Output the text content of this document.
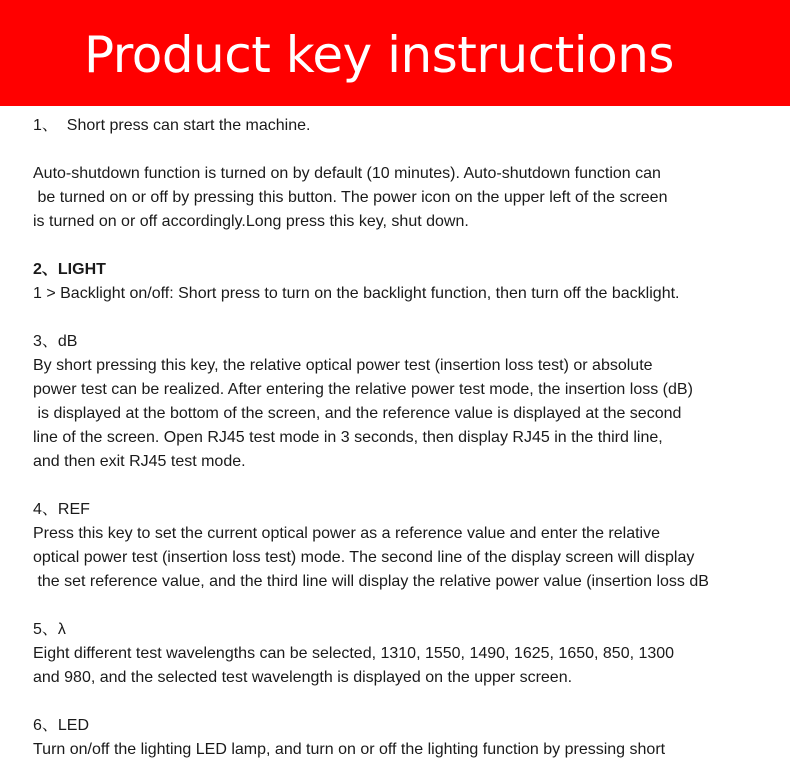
Product key instructions
1、  Short press can start the machine.
Auto-shutdown function is turned on by default (10 minutes). Auto-shutdown function can
be turned on or off by pressing this button. The power icon on the upper left of the screen
is turned on or off accordingly.Long press this key, shut down.
2、LIGHT
1 > Backlight on/off: Short press to turn on the backlight function, then turn off the backlight.
3、dB
By short pressing this key, the relative optical power test (insertion loss test) or absolute
power test can be realized. After entering the relative power test mode, the insertion loss (dB)
is displayed at the bottom of the screen, and the reference value is displayed at the second
line of the screen. Open RJ45 test mode in 3 seconds, then display RJ45 in the third line,
and then exit RJ45 test mode.
4、REF
Press this key to set the current optical power as a reference value and enter the relative
optical power test (insertion loss test) mode. The second line of the display screen will display
the set reference value, and the third line will display the relative power value (insertion loss dB
5、λ
Eight different test wavelengths can be selected, 1310, 1550, 1490, 1625, 1650, 850, 1300
and 980, and the selected test wavelength is displayed on the upper screen.
6、LED
Turn on/off the lighting LED lamp, and turn on or off the lighting function by pressing short
